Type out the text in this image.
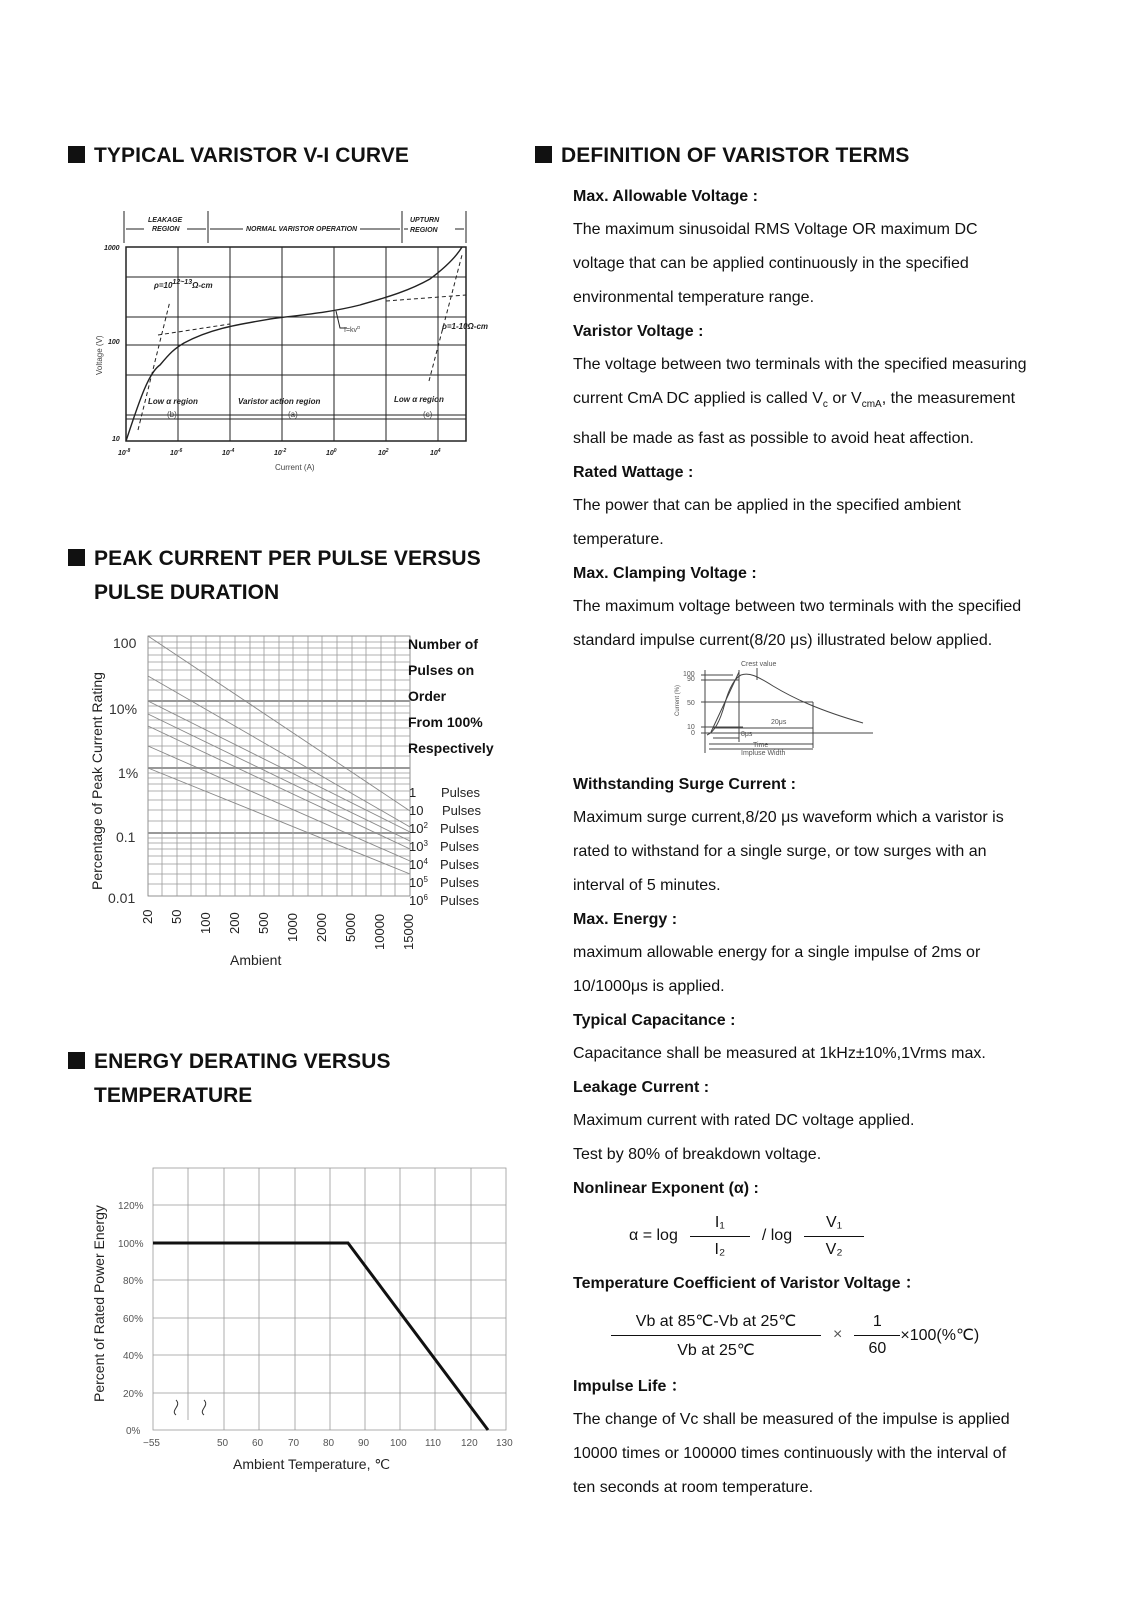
TYPICAL VARISTOR V-I CURVE
PEAK CURRENT PER PULSE VERSUS
PULSE DURATION
ENERGY DERATING VERSUS
TEMPERATURE
LEAKAGE
REGION	NORMAL VARISTOR OPERATION
UPTURN
REGION
1000
100
10
ρ=1012~13Ω-cm
ρ=1-10Ω-cm
Low α region	Varistor action region	Low α region
$10^{-8}$	$10^{-6}$	$10^{-4}$	$10^{-2}$	$10^0$	$10^2$	$10^4$
(b)	(a)	(c)
$I=kv^\alpha$
Current (A)
Voltage (V)
100
10%
1%
0.1
0.01
20 50 100 200 500 1000 2000 5000 10000 15000
Ambient
Percentage of Peak Current Rating
Number of
Pulses on
Order
From 100%
Respectively
1 Pulses
10 Pulses
$10^2$ Pulses
$10^3$ Pulses
$10^4$ Pulses
$10^5$ Pulses
$10^6$ Pulses
120%
100%
80%
60%
40%
20%
0%
−55	50 60 70 80 90 100 110 120 130
Ambient Temperature, ℃
Percent of Rated Power Energy
DEFINITION OF VARISTOR TERMS
Max. Allowable Voltage :
The maximum sinusoidal RMS Voltage OR maximum DC
voltage that can be applied continuously in the specified
environmental temperature range.
Varistor Voltage :
The voltage between two terminals with the specified measuring
current CmA DC applied is called $V_c$ or $V_{cmA}$, the measurement
shall be made as fast as possible to avoid heat affection.
Rated Wattage :
The power that can be applied in the specified ambient
temperature.
Max. Clamping Voltage :
The maximum voltage between two terminals with the specified
standard impulse current(8/20 μs) illustrated below applied.
Crest value
100
90
50
10
0
20μs
8μs
Time
Impluse Width
Current (%)
Withstanding Surge Current :
Maximum surge current,8/20 μs waveform which a varistor is
rated to withstand for a single surge, or tow surges with an
interval of 5 minutes.
Max. Energy :
maximum allowable energy for a single impulse of 2ms or
10/1000μs is applied.
Typical Capacitance :
Capacitance shall be measured at 1kHz±10%,1Vrms max.
Leakage Current :
Maximum current with rated DC voltage applied.
Test by 80% of breakdown voltage.
Nonlinear Exponent (α) :
$\alpha = \log \frac{\text{I₁}}{\text{I₂}} / \log \frac{\text{V₁}}{\text{V₂}}$
Temperature Coefficient of Varistor Voltage ：
$\frac{\text{Vb at 85℃-Vb at 25℃}}{\text{Vb at 25℃}} \times \frac{1}{60}$ ×100(%℃)
Impulse Life ：
The change of Vc shall be measured of the impulse is applied
10000 times or 100000 times continuously with the interval of
ten seconds at room temperature.
